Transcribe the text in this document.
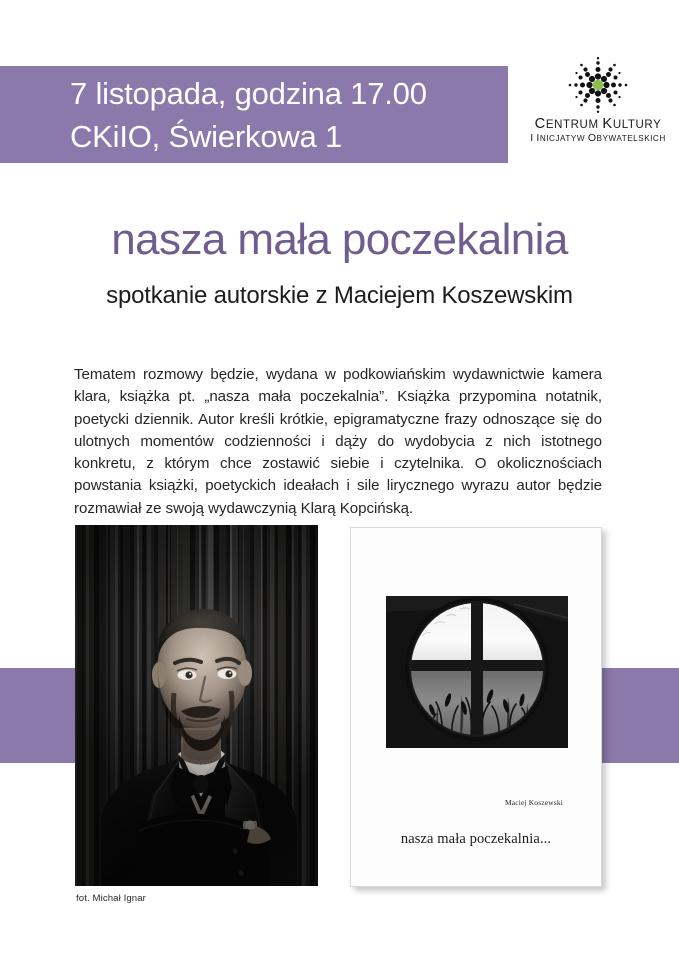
7 listopada, godzina 17.00
CKiIO, Świerkowa 1	CENTRUM KULTURY
I INICJATYW OBYWATELSKICH
nasza mała poczekalnia
spotkanie autorskie z Maciejem Koszewskim
Tematem rozmowy będzie, wydana w podkowiańskim wydawnictwie kamera klara, książka pt. „nasza mała poczekalnia”. Książka przypomina notatnik, poetycki dziennik. Autor kreśli krótkie, epigramatyczne frazy odnoszące się do ulotnych momentów codzienności i dąży do wydobycia z nich istotnego konkretu, z którym chce zostawić siebie i czytelnika. O okolicznościach powstania książki, poetyckich ideałach i sile lirycznego wyrazu autor będzie rozmawiał ze swoją wydawczynią Klarą Kopcińską.
Maciej Koszewski
nasza mała poczekalnia...
fot. Michał Ignar
